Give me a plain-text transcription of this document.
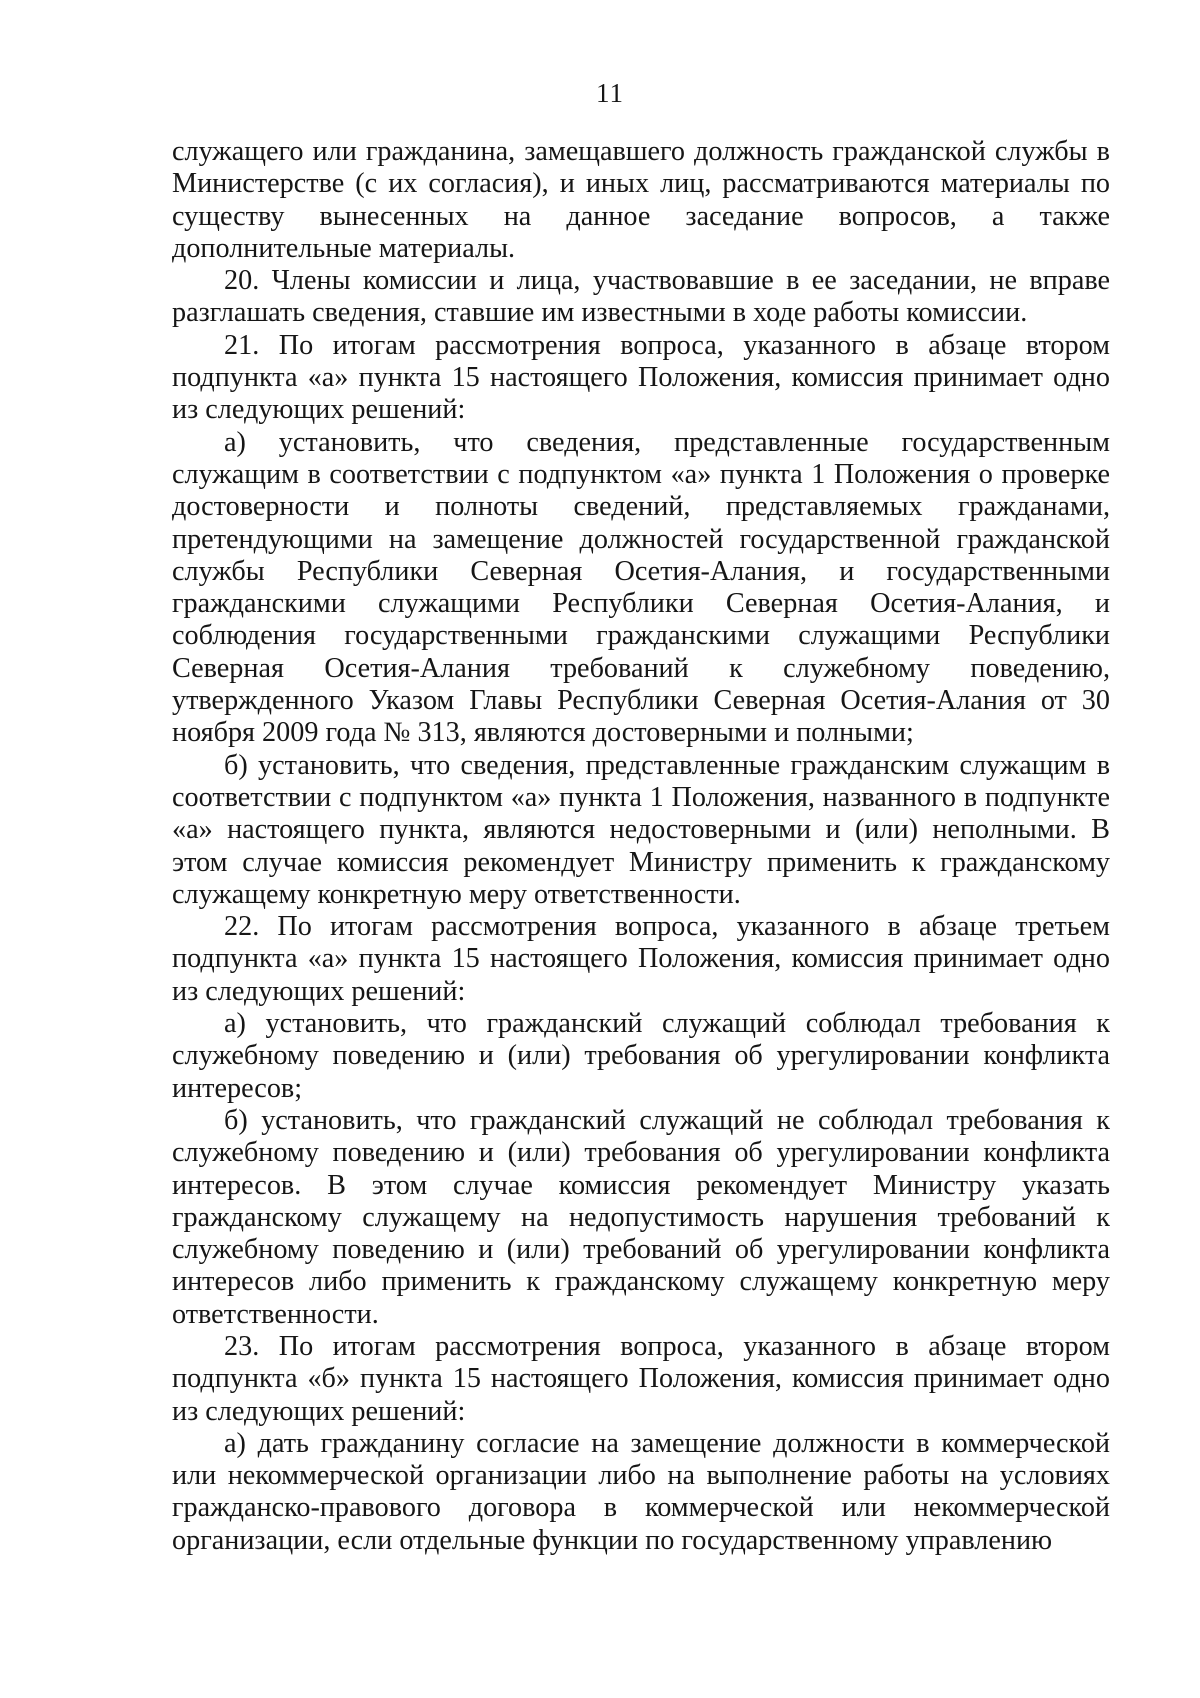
11

служащего или гражданина, замещавшего должность гражданской службы в Министерстве (с их согласия), и иных лиц, рассматриваются материалы по существу вынесенных на данное заседание вопросов, а также дополнительные материалы.

20. Члены комиссии и лица, участвовавшие в ее заседании, не вправе разглашать сведения, ставшие им известными в ходе работы комиссии.

21. По итогам рассмотрения вопроса, указанного в абзаце втором подпункта «а» пункта 15 настоящего Положения, комиссия принимает одно из следующих решений:

а) установить, что сведения, представленные государственным служащим в соответствии с подпунктом «а» пункта 1 Положения о проверке достоверности и полноты сведений, представляемых гражданами, претендующими на замещение должностей государственной гражданской службы Республики Северная Осетия-Алания, и государственными гражданскими служащими Республики Северная Осетия-Алания, и соблюдения государственными гражданскими служащими Республики Северная Осетия-Алания требований к служебному поведению, утвержденного Указом Главы Республики Северная Осетия-Алания от 30 ноября 2009 года № 313, являются достоверными и полными;

б) установить, что сведения, представленные гражданским служащим в соответствии с подпунктом «а» пункта 1 Положения, названного в подпункте «а» настоящего пункта, являются недостоверными и (или) неполными. В этом случае комиссия рекомендует Министру применить к гражданскому служащему конкретную меру ответственности.

22. По итогам рассмотрения вопроса, указанного в абзаце третьем подпункта «а» пункта 15 настоящего Положения, комиссия принимает одно из следующих решений:

а) установить, что гражданский служащий соблюдал требования к служебному поведению и (или) требования об урегулировании конфликта интересов;

б) установить, что гражданский служащий не соблюдал требования к служебному поведению и (или) требования об урегулировании конфликта интересов. В этом случае комиссия рекомендует Министру указать гражданскому служащему на недопустимость нарушения требований к служебному поведению и (или) требований об урегулировании конфликта интересов либо применить к гражданскому служащему конкретную меру ответственности.

23. По итогам рассмотрения вопроса, указанного в абзаце втором подпункта «б» пункта 15 настоящего Положения, комиссия принимает одно из следующих решений:

а) дать гражданину согласие на замещение должности в коммерческой или некоммерческой организации либо на выполнение работы на условиях гражданско-правового договора в коммерческой или некоммерческой организации, если отдельные функции по государственному управлению
